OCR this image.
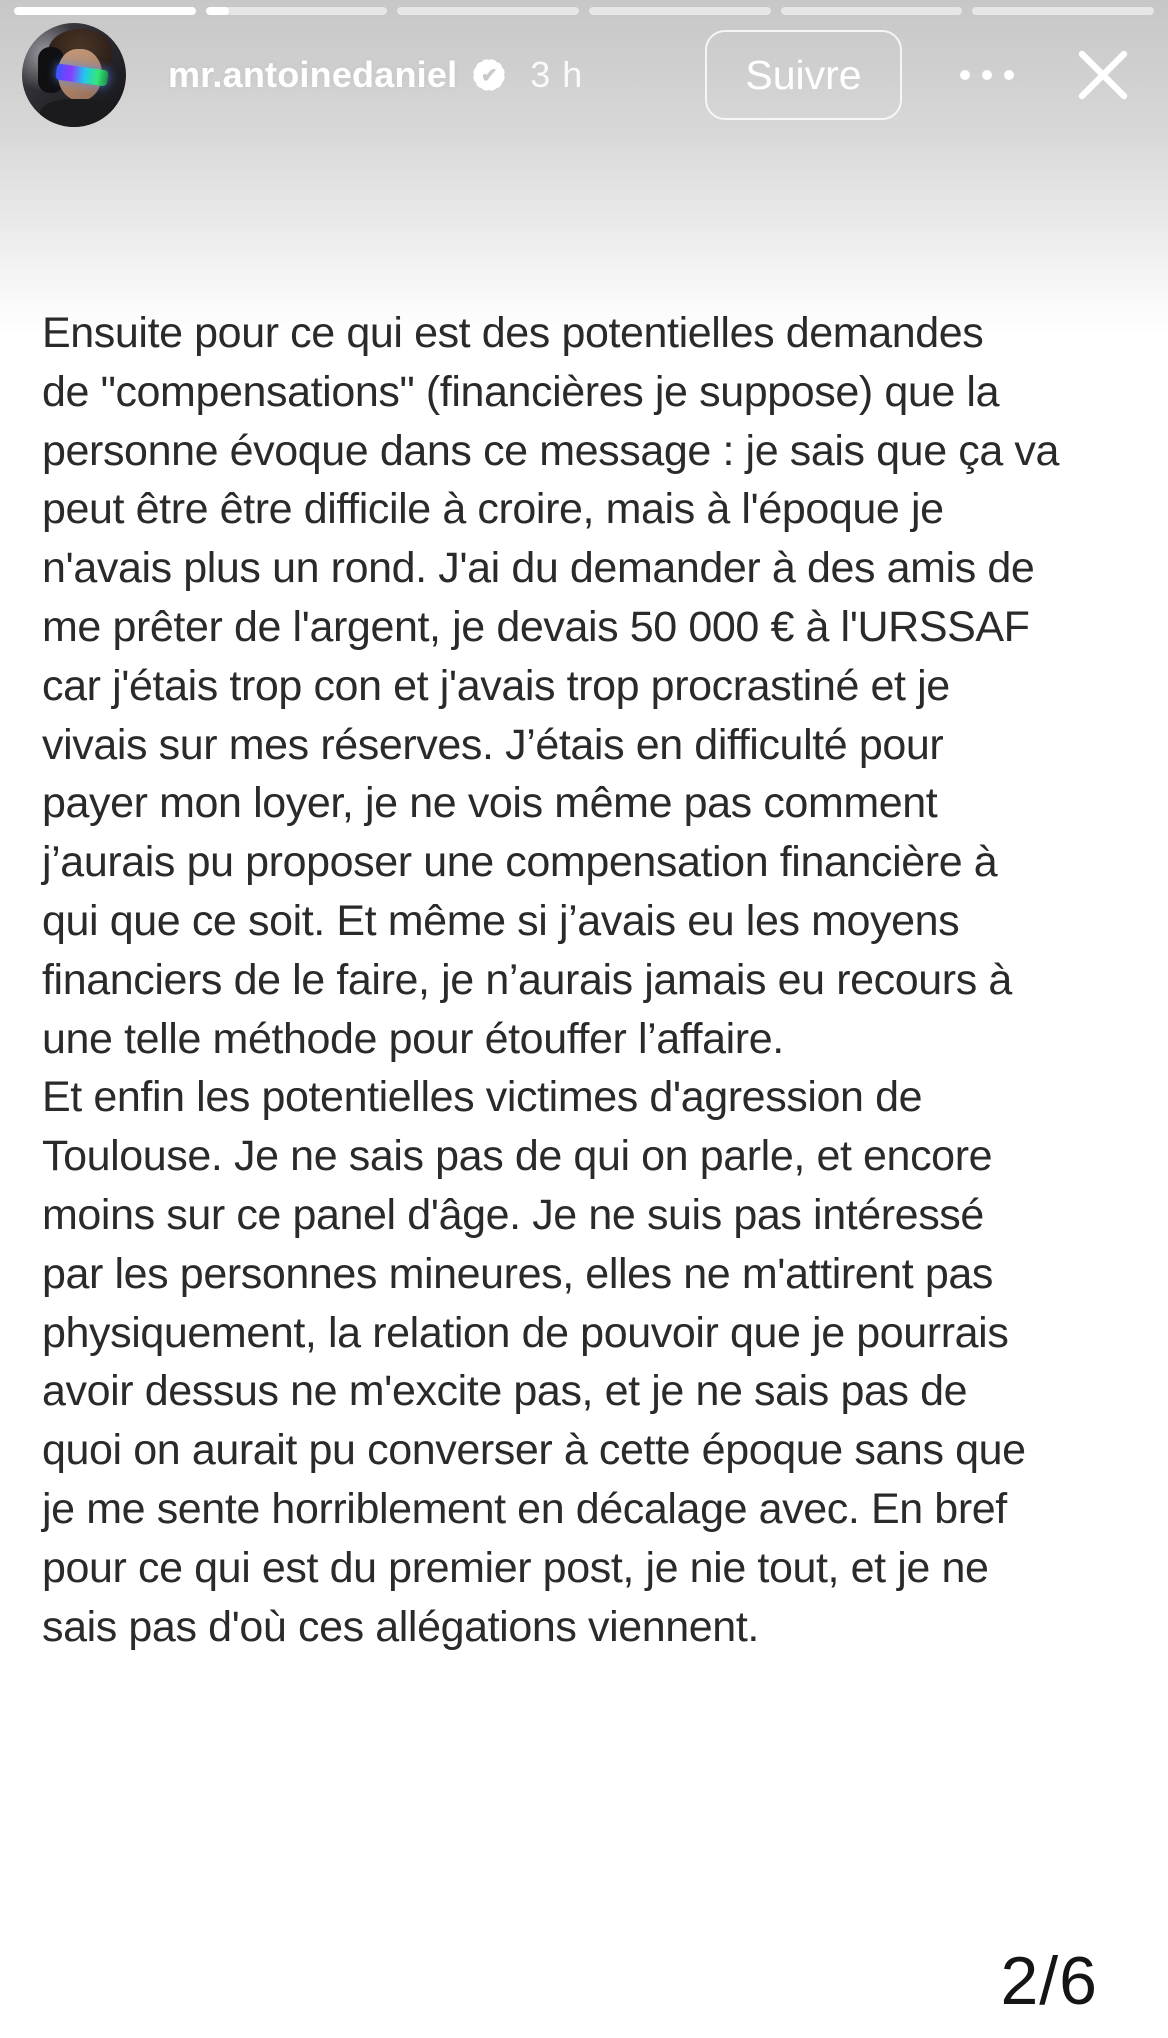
mr.antoinedaniel	✔ 3 h	Suivre
Ensuite pour ce qui est des potentielles demandes
de "compensations" (financières je suppose) que la
personne évoque dans ce message : je sais que ça va
peut être être difficile à croire, mais à l'époque je
n'avais plus un rond. J'ai du demander à des amis de
me prêter de l'argent, je devais 50 000 € à l'URSSAF
car j'étais trop con et j'avais trop procrastiné et je
vivais sur mes réserves. J’étais en difficulté pour
payer mon loyer, je ne vois même pas comment
j’aurais pu proposer une compensation financière à
qui que ce soit. Et même si j’avais eu les moyens
financiers de le faire, je n’aurais jamais eu recours à
une telle méthode pour étouffer l’affaire.
Et enfin les potentielles victimes d'agression de
Toulouse. Je ne sais pas de qui on parle, et encore
moins sur ce panel d'âge. Je ne suis pas intéressé
par les personnes mineures, elles ne m'attirent pas
physiquement, la relation de pouvoir que je pourrais
avoir dessus ne m'excite pas, et je ne sais pas de
quoi on aurait pu converser à cette époque sans que
je me sente horriblement en décalage avec. En bref
pour ce qui est du premier post, je nie tout, et je ne
sais pas d'où ces allégations viennent.
2/6
